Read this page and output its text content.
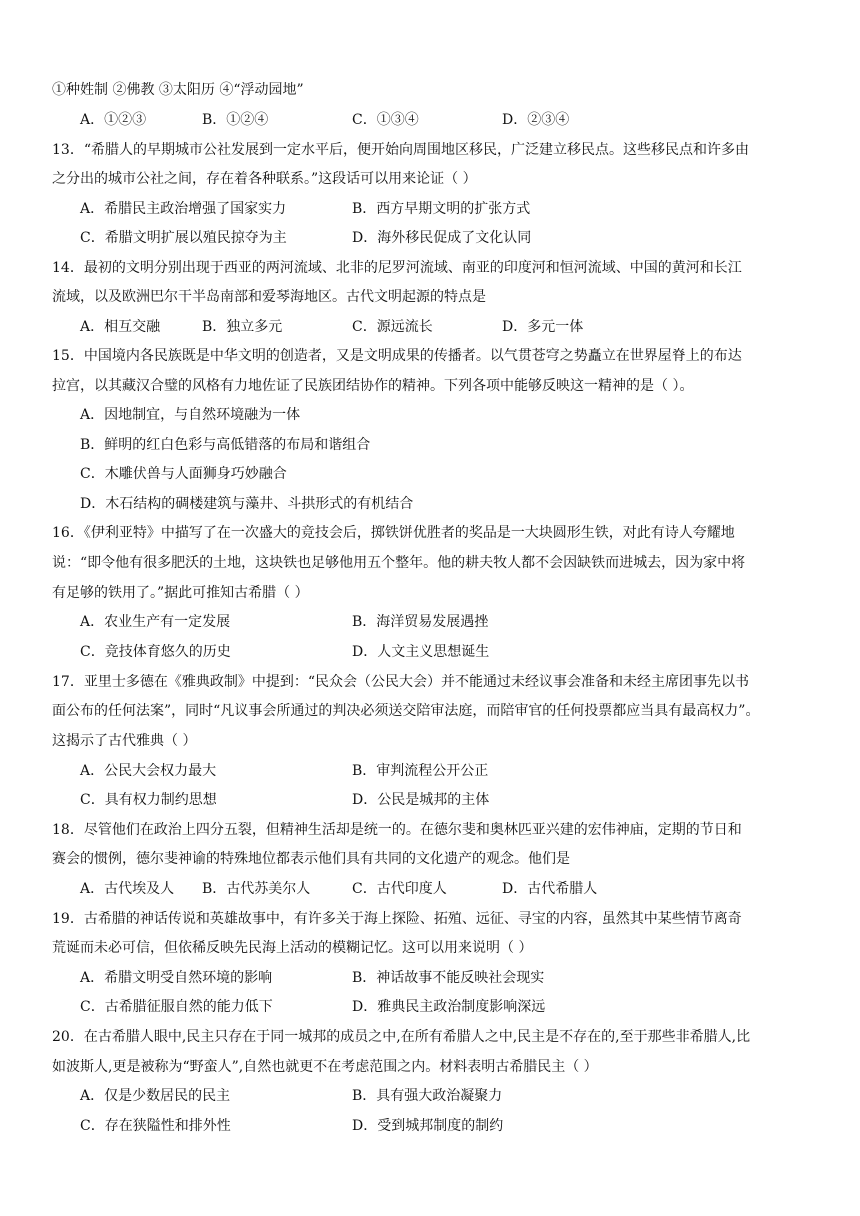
①种姓制 ②佛教 ③太阳历 ④“浮动园地”
A．①②③	B．①②④	C．①③④	D．②③④
13．“希腊人的早期城市公社发展到一定水平后，便开始向周围地区移民，广泛建立移民点。这些移民点和许多由
之分出的城市公社之间，存在着各种联系。”这段话可以用来论证（ ）
A．希腊民主政治增强了国家实力	B．西方早期文明的扩张方式
C．希腊文明扩展以殖民掠夺为主	D．海外移民促成了文化认同
14．最初的文明分别出现于西亚的两河流域、北非的尼罗河流域、南亚的印度河和恒河流域、中国的黄河和长江
流域，以及欧洲巴尔干半岛南部和爱琴海地区。古代文明起源的特点是
A．相互交融	B．独立多元	C．源远流长	D．多元一体
15．中国境内各民族既是中华文明的创造者，又是文明成果的传播者。以气贯苍穹之势矗立在世界屋脊上的布达
拉宫，以其藏汉合璧的风格有力地佐证了民族团结协作的精神。下列各项中能够反映这一精神的是（ ）。
A．因地制宜，与自然环境融为一体
B．鲜明的红白色彩与高低错落的布局和谐组合
C．木雕伏兽与人面狮身巧妙融合
D．木石结构的碉楼建筑与藻井、斗拱形式的有机结合
16．《伊利亚特》中描写了在一次盛大的竞技会后，掷铁饼优胜者的奖品是一大块圆形生铁，对此有诗人夸耀地
说：“即令他有很多肥沃的土地，这块铁也足够他用五个整年。他的耕夫牧人都不会因缺铁而进城去，因为家中将
有足够的铁用了。”据此可推知古希腊（ ）
A．农业生产有一定发展	B．海洋贸易发展遇挫
C．竞技体育悠久的历史	D．人文主义思想诞生
17．亚里士多德在《雅典政制》中提到：“民众会（公民大会）并不能通过未经议事会准备和未经主席团事先以书
面公布的任何法案”，同时“凡议事会所通过的判决必须送交陪审法庭，而陪审官的任何投票都应当具有最高权力”。
这揭示了古代雅典（ ）
A．公民大会权力最大	B．审判流程公开公正
C．具有权力制约思想	D．公民是城邦的主体
18．尽管他们在政治上四分五裂，但精神生活却是统一的。在德尔斐和奥林匹亚兴建的宏伟神庙，定期的节日和
赛会的惯例，德尔斐神谕的特殊地位都表示他们具有共同的文化遗产的观念。他们是
A．古代埃及人 B．古代苏美尔人	C．古代印度人	D．古代希腊人
19．古希腊的神话传说和英雄故事中，有许多关于海上探险、拓殖、远征、寻宝的内容，虽然其中某些情节离奇
荒诞而未必可信，但依稀反映先民海上活动的模糊记忆。这可以用来说明（ ）
A．希腊文明受自然环境的影响	B．神话故事不能反映社会现实
C．古希腊征服自然的能力低下	D．雅典民主政治制度影响深远
20．在古希腊人眼中,民主只存在于同一城邦的成员之中,在所有希腊人之中,民主是不存在的,至于那些非希腊人,比
如波斯人,更是被称为“野蛮人”,自然也就更不在考虑范围之内。材料表明古希腊民主（ ）
A．仅是少数居民的民主	B．具有强大政治凝聚力
C．存在狭隘性和排外性	D．受到城邦制度的制约
